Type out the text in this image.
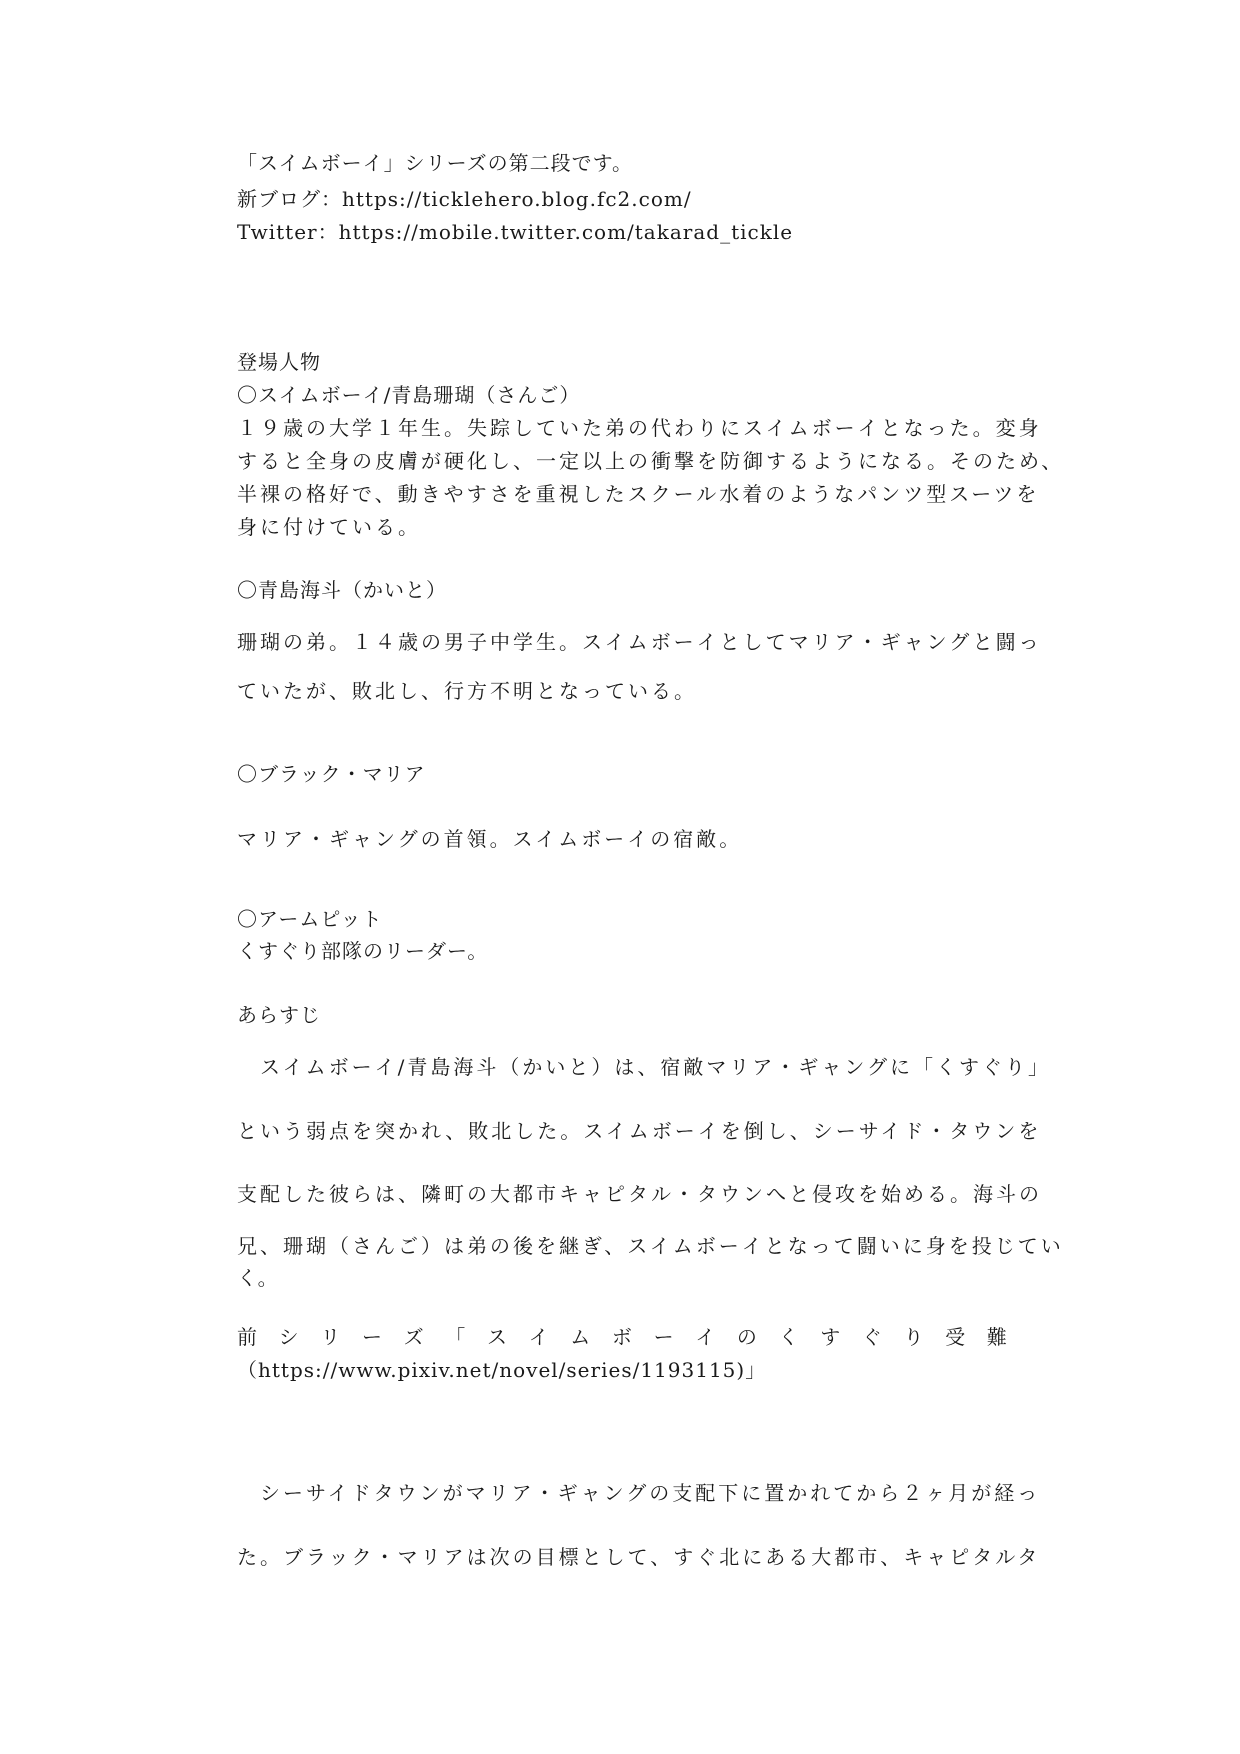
「スイムボーイ」シリーズの第二段です。
新ブログ：https://ticklehero.blog.fc2.com/
Twitter：https://mobile.twitter.com/takarad_tickle
登場人物
〇スイムボーイ/青島珊瑚（さんご）
１９歳の大学１年生。失踪していた弟の代わりにスイムボーイとなった。変身
すると全身の皮膚が硬化し、一定以上の衝撃を防御するようになる。そのため、
半裸の格好で、動きやすさを重視したスクール水着のようなパンツ型スーツを
身に付けている。
〇青島海斗（かいと）
珊瑚の弟。１４歳の男子中学生。スイムボーイとしてマリア・ギャングと闘っ
ていたが、敗北し、行方不明となっている。
〇ブラック・マリア
マリア・ギャングの首領。スイムボーイの宿敵。
〇アームピット
くすぐり部隊のリーダー。
あらすじ
　スイムボーイ/青島海斗（かいと）は、宿敵マリア・ギャングに「くすぐり」
という弱点を突かれ、敗北した。スイムボーイを倒し、シーサイド・タウンを
支配した彼らは、隣町の大都市キャピタル・タウンへと侵攻を始める。海斗の
兄、珊瑚（さんご）は弟の後を継ぎ、スイムボーイとなって闘いに身を投じてい
く。
前 シ リ ー ズ 「 ス イ ム ボ ー イ の く す ぐ り 受 難
（https://www.pixiv.net/novel/series/1193115)」
　シーサイドタウンがマリア・ギャングの支配下に置かれてから２ヶ月が経っ
た。ブラック・マリアは次の目標として、すぐ北にある大都市、キャピタルタ
